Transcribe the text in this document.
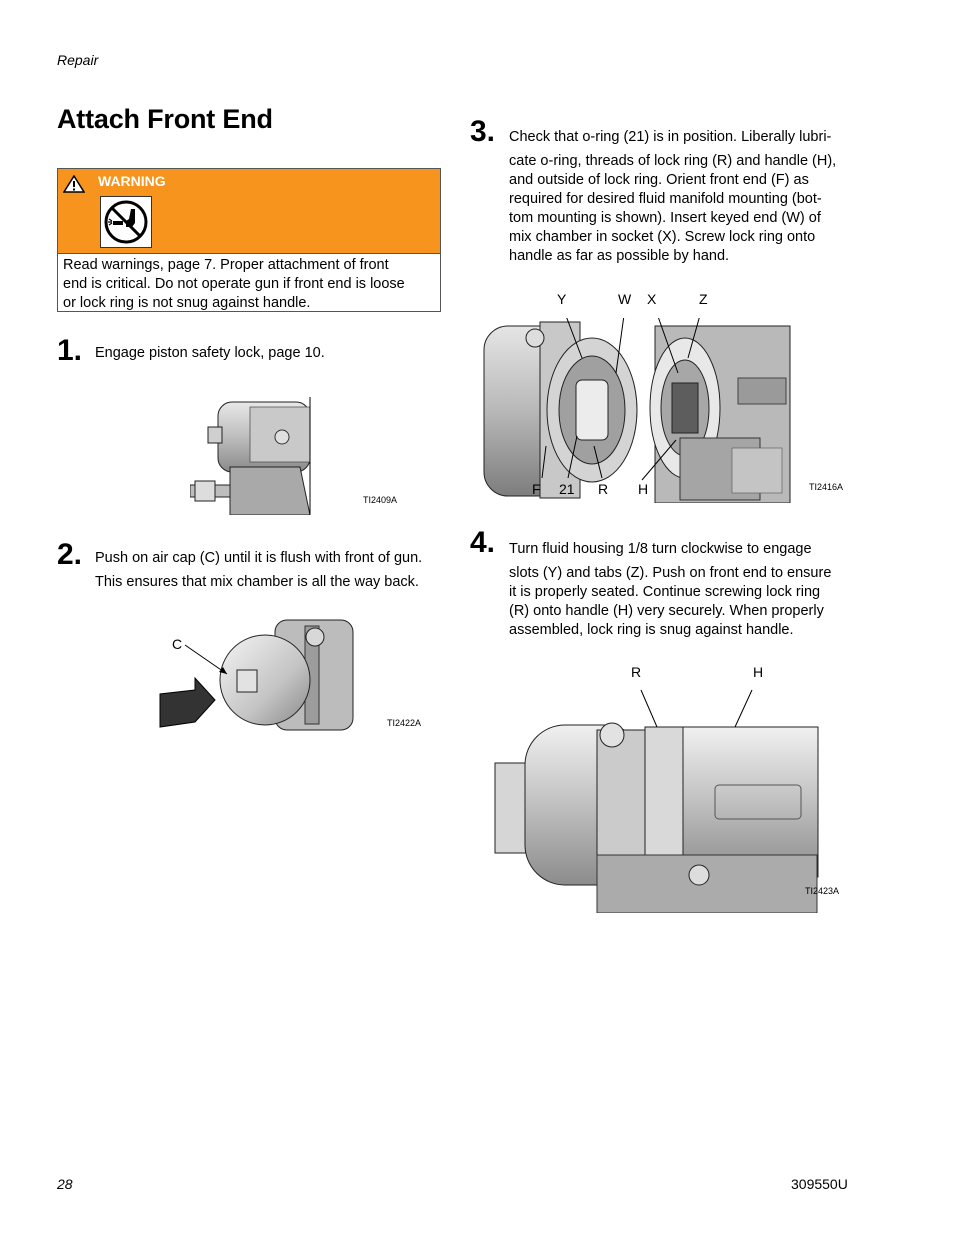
Repair
Attach Front End
WARNING
Read warnings, page 7. Proper attachment of front
end is critical. Do not operate gun if front end is loose
or lock ring is not snug against handle.
1. Engage piston safety lock, page 10.
TI2409A
2. Push on air cap (C) until it is flush with front of gun.
This ensures that mix chamber is all the way back.
C
TI2422A
3. Check that o-ring (21) is in position. Liberally lubri-
cate o-ring, threads of lock ring (R) and handle (H),
and outside of lock ring. Orient front end (F) as
required for desired fluid manifold mounting (bot-
tom mounting is shown). Insert keyed end (W) of
mix chamber in socket (X). Screw lock ring onto
handle as far as possible by hand.
Y	W X	Z
F 21 R H	TI2416A
4. Turn fluid housing 1/8 turn clockwise to engage
slots (Y) and tabs (Z). Push on front end to ensure
it is properly seated. Continue screwing lock ring
(R) onto handle (H) very securely. When properly
assembled, lock ring is snug against handle.
R	H
TI2423A
28	309550U
